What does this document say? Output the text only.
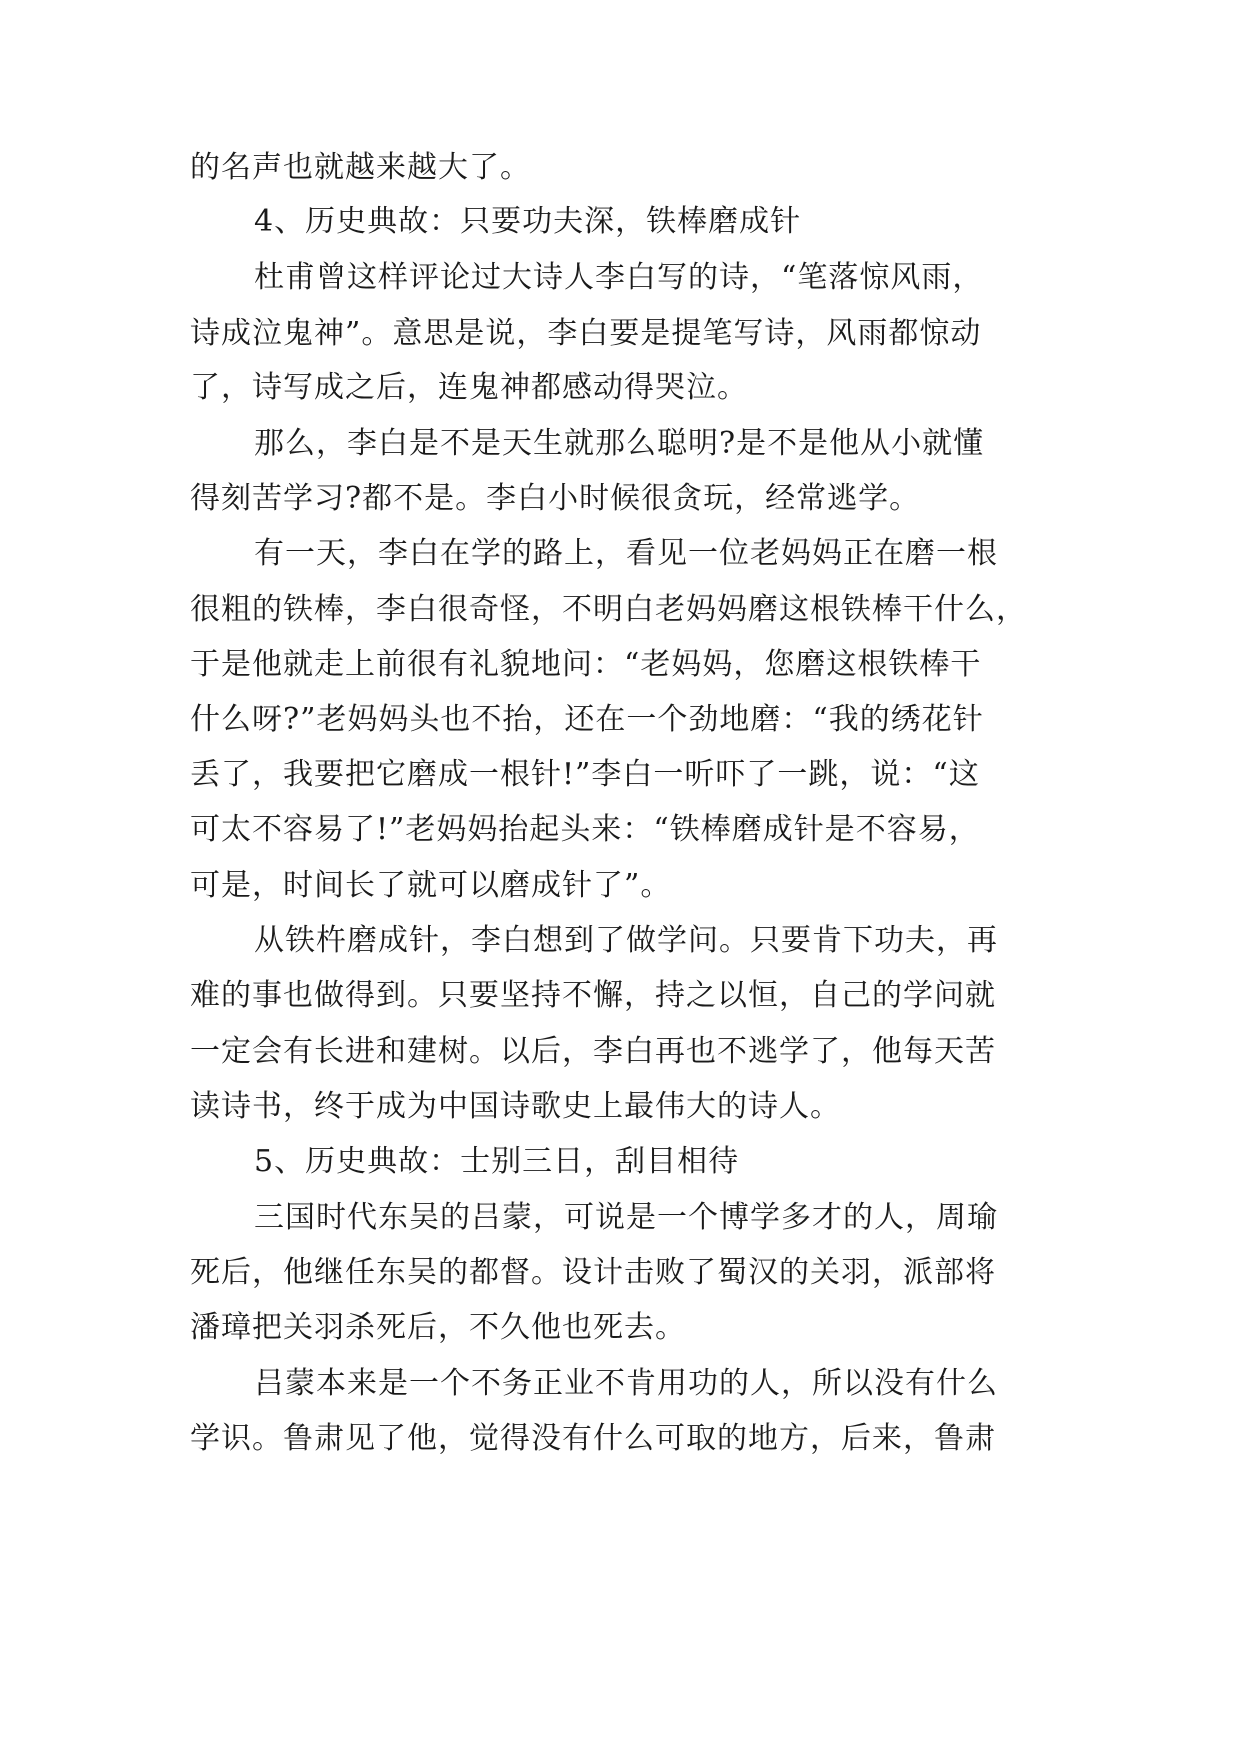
的名声也就越来越大了。
4、历史典故：只要功夫深，铁棒磨成针
杜甫曾这样评论过大诗人李白写的诗，“笔落惊风雨，
诗成泣鬼神”。意思是说，李白要是提笔写诗，风雨都惊动
了，诗写成之后，连鬼神都感动得哭泣。
那么，李白是不是天生就那么聪明?是不是他从小就懂
得刻苦学习?都不是。李白小时候很贪玩，经常逃学。
有一天，李白在学的路上，看见一位老妈妈正在磨一根
很粗的铁棒，李白很奇怪，不明白老妈妈磨这根铁棒干什么，
于是他就走上前很有礼貌地问：“老妈妈，您磨这根铁棒干
什么呀?”老妈妈头也不抬，还在一个劲地磨：“我的绣花针
丢了，我要把它磨成一根针!”李白一听吓了一跳，说：“这
可太不容易了!”老妈妈抬起头来：“铁棒磨成针是不容易，
可是，时间长了就可以磨成针了”。
从铁杵磨成针，李白想到了做学问。只要肯下功夫，再
难的事也做得到。只要坚持不懈，持之以恒，自己的学问就
一定会有长进和建树。以后，李白再也不逃学了，他每天苦
读诗书，终于成为中国诗歌史上最伟大的诗人。
5、历史典故：士别三日，刮目相待
三国时代东吴的吕蒙，可说是一个博学多才的人，周瑜
死后，他继任东吴的都督。设计击败了蜀汉的关羽，派部将
潘璋把关羽杀死后，不久他也死去。
吕蒙本来是一个不务正业不肯用功的人，所以没有什么
学识。鲁肃见了他，觉得没有什么可取的地方，后来，鲁肃
